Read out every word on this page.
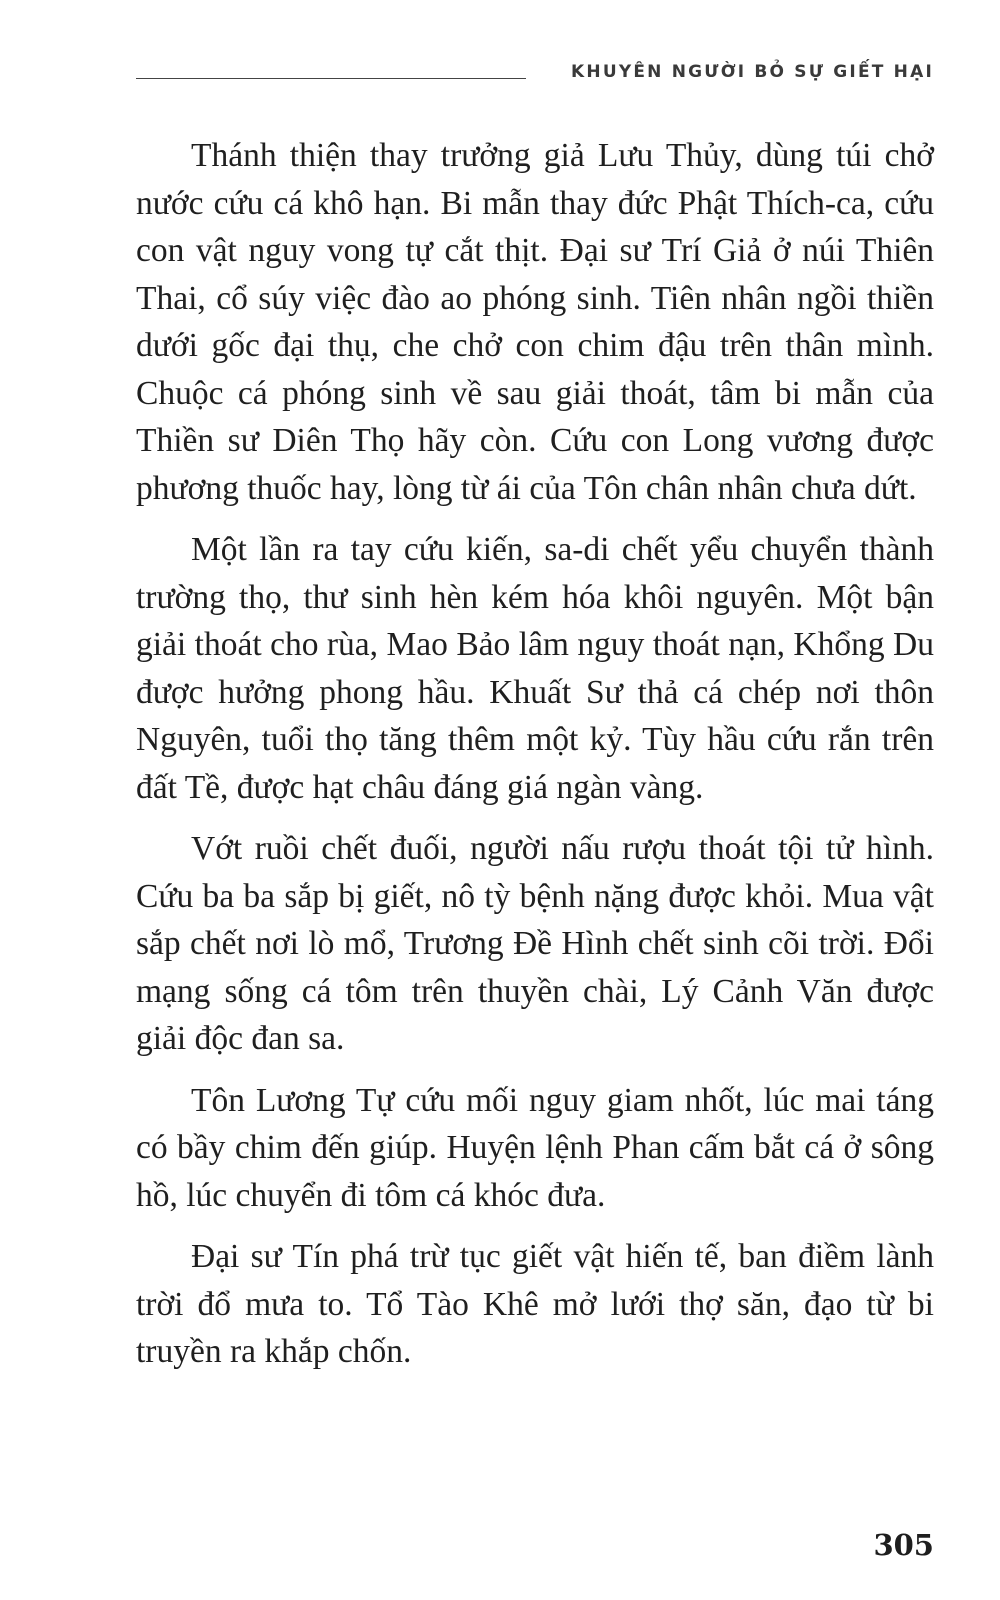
KHUYÊN NGƯỜI BỎ SỰ GIẾT HẠI

Thánh thiện thay trưởng giả Lưu Thủy, dùng túi chở nước cứu cá khô hạn. Bi mẫn thay đức Phật Thích-ca, cứu con vật nguy vong tự cắt thịt. Đại sư Trí Giả ở núi Thiên Thai, cổ súy việc đào ao phóng sinh. Tiên nhân ngồi thiền dưới gốc đại thụ, che chở con chim đậu trên thân mình. Chuộc cá phóng sinh về sau giải thoát, tâm bi mẫn của Thiền sư Diên Thọ hãy còn. Cứu con Long vương được phương thuốc hay, lòng từ ái của Tôn chân nhân chưa dứt.

Một lần ra tay cứu kiến, sa-di chết yểu chuyển thành trường thọ, thư sinh hèn kém hóa khôi nguyên. Một bận giải thoát cho rùa, Mao Bảo lâm nguy thoát nạn, Khổng Du được hưởng phong hầu. Khuất Sư thả cá chép nơi thôn Nguyên, tuổi thọ tăng thêm một kỷ. Tùy hầu cứu rắn trên đất Tề, được hạt châu đáng giá ngàn vàng.

Vớt ruồi chết đuối, người nấu rượu thoát tội tử hình. Cứu ba ba sắp bị giết, nô tỳ bệnh nặng được khỏi. Mua vật sắp chết nơi lò mổ, Trương Đề Hình chết sinh cõi trời. Đổi mạng sống cá tôm trên thuyền chài, Lý Cảnh Văn được giải độc đan sa.

Tôn Lương Tự cứu mối nguy giam nhốt, lúc mai táng có bầy chim đến giúp. Huyện lệnh Phan cấm bắt cá ở sông hồ, lúc chuyển đi tôm cá khóc đưa.

Đại sư Tín phá trừ tục giết vật hiến tế, ban điềm lành trời đổ mưa to. Tổ Tào Khê mở lưới thợ săn, đạo từ bi truyền ra khắp chốn.

305
